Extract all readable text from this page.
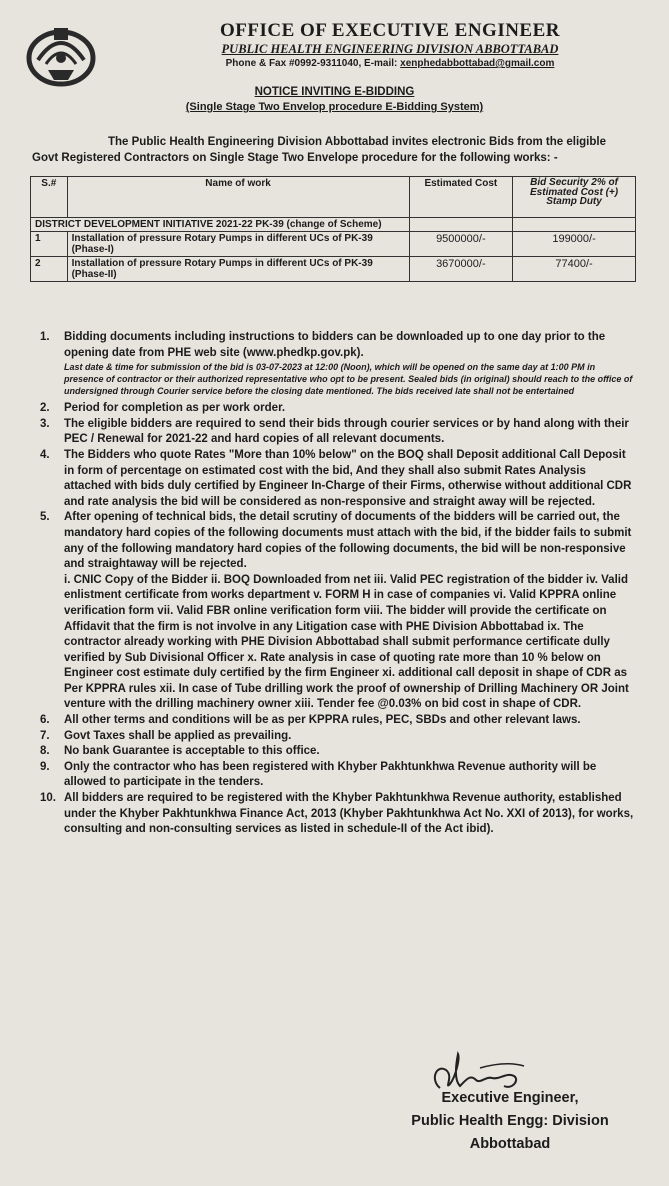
OFFICE OF EXECUTIVE ENGINEER
PUBLIC HEALTH ENGINEERING DIVISION ABBOTTABAD
Phone & Fax #0992-9311040, E-mail: xenphedabbottabad@gmail.com
NOTICE INVITING E-BIDDING
(Single Stage Two Envelop procedure E-Bidding System)
The Public Health Engineering Division Abbottabad invites electronic Bids from the eligible Govt Registered Contractors on Single Stage Two Envelope procedure for the following works: -
S.#	Name of work	Estimated Cost	Bid Security 2% of Estimated Cost (+) Stamp Duty
DISTRICT DEVELOPMENT INITIATIVE 2021-22 PK-39 (change of Scheme)			
1	Installation of pressure Rotary Pumps in different UCs of PK-39 (Phase-I)	9500000/-	199000/-
2	Installation of pressure Rotary Pumps in different UCs of PK-39 (Phase-II)	3670000/-	77400/-
1. Bidding documents including instructions to bidders can be downloaded up to one day prior to the opening date from PHE web site (www.phedkp.gov.pk).
Last date & time for submission of the bid is 03-07-2023 at 12:00 (Noon), which will be opened on the same day at 1:00 PM in presence of contractor or their authorized representative who opt to be present. Sealed bids (in original) should reach to the office of undersigned through Courier service before the closing date mentioned. The bids received late shall not be entertained
2. Period for completion as per work order.
3. The eligible bidders are required to send their bids through courier services or by hand along with their PEC / Renewal for 2021-22 and hard copies of all relevant documents.
4. The Bidders who quote Rates "More than 10% below" on the BOQ shall Deposit additional Call Deposit in form of percentage on estimated cost with the bid, And they shall also submit Rates Analysis attached with bids duly certified by Engineer In-Charge of their Firms, otherwise without additional CDR and rate analysis the bid will be considered as non-responsive and straight away will be rejected.
5. After opening of technical bids, the detail scrutiny of documents of the bidders will be carried out, the mandatory hard copies of the following documents must attach with the bid, if the bidder fails to submit any of the following mandatory hard copies of the following documents, the bid will be non-responsive and straightaway will be rejected.
i. CNIC Copy of the Bidder ii. BOQ Downloaded from net iii. Valid PEC registration of the bidder iv. Valid enlistment certificate from works department v. FORM H in case of companies vi. Valid KPPRA online verification form vii. Valid FBR online verification form viii. The bidder will provide the certificate on Affidavit that the firm is not involve in any Litigation case with PHE Division Abbottabad ix. The contractor already working with PHE Division Abbottabad shall submit performance certificate dully verified by Sub Divisional Officer x. Rate analysis in case of quoting rate more than 10 % below on Engineer cost estimate duly certified by the firm Engineer xi. additional call deposit in shape of CDR as Per KPPRA rules xii. In case of Tube drilling work the proof of ownership of Drilling Machinery OR Joint venture with the drilling machinery owner xiii. Tender fee @0.03% on bid cost in shape of CDR.
6. All other terms and conditions will be as per KPPRA rules, PEC, SBDs and other relevant laws.
7. Govt Taxes shall be applied as prevailing.
8. No bank Guarantee is acceptable to this office.
9. Only the contractor who has been registered with Khyber Pakhtunkhwa Revenue authority will be allowed to participate in the tenders.
10. All bidders are required to be registered with the Khyber Pakhtunkhwa Revenue authority, established under the Khyber Pakhtunkhwa Finance Act, 2013 (Khyber Pakhtunkhwa Act No. XXI of 2013), for works, consulting and non-consulting services as listed in schedule-II of the Act ibid).
Executive Engineer,
Public Health Engg: Division
Abbottabad
